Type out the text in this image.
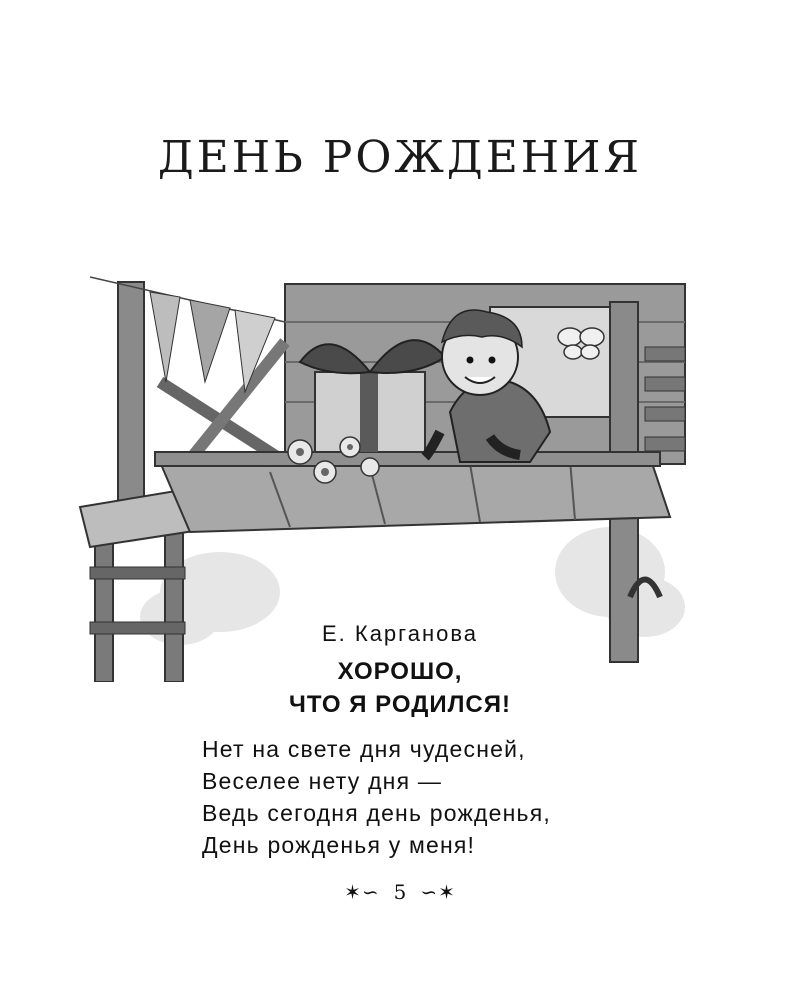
ДЕНЬ РОЖДЕНИЯ
Е. Карганова
ХОРОШО,
ЧТО Я РОДИЛСЯ!
Нет на свете дня чудесней,
Веселее нету дня —
Ведь сегодня день рожденья,
День рожденья у меня!
✶∽ 5 ∽✶
